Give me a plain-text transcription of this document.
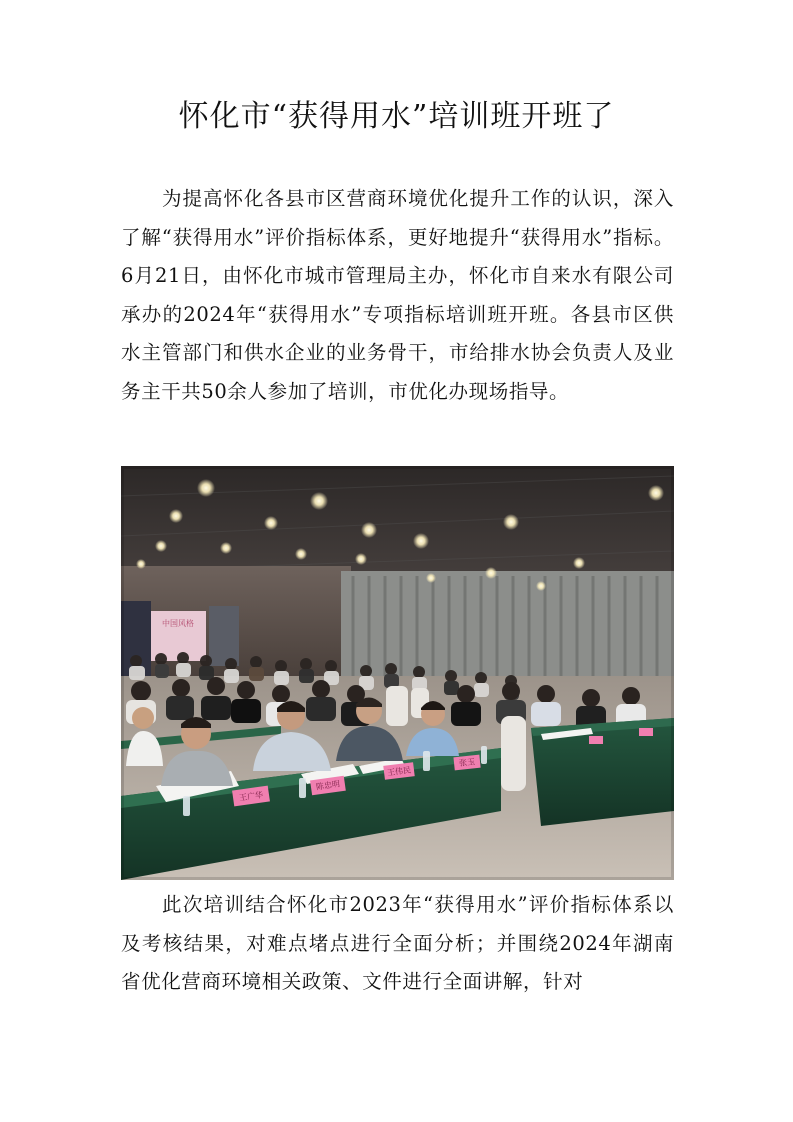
怀化市“获得用水”培训班开班了

为提高怀化各县市区营商环境优化提升工作的认识，深入了解“获得用水”评价指标体系，更好地提升“获得用水”指标。6月21日，由怀化市城市管理局主办，怀化市自来水有限公司承办的2024年“获得用水”专项指标培训班开班。各县市区供水主管部门和供水企业的业务骨干，市给排水协会负责人及业务主干共50余人参加了培训，市优化办现场指导。

中国风格
王广华
陈忠明
王伟民
张玉

此次培训结合怀化市2023年“获得用水”评价指标体系以及考核结果，对难点堵点进行全面分析；并围绕2024年湖南省优化营商环境相关政策、文件进行全面讲解，针对
